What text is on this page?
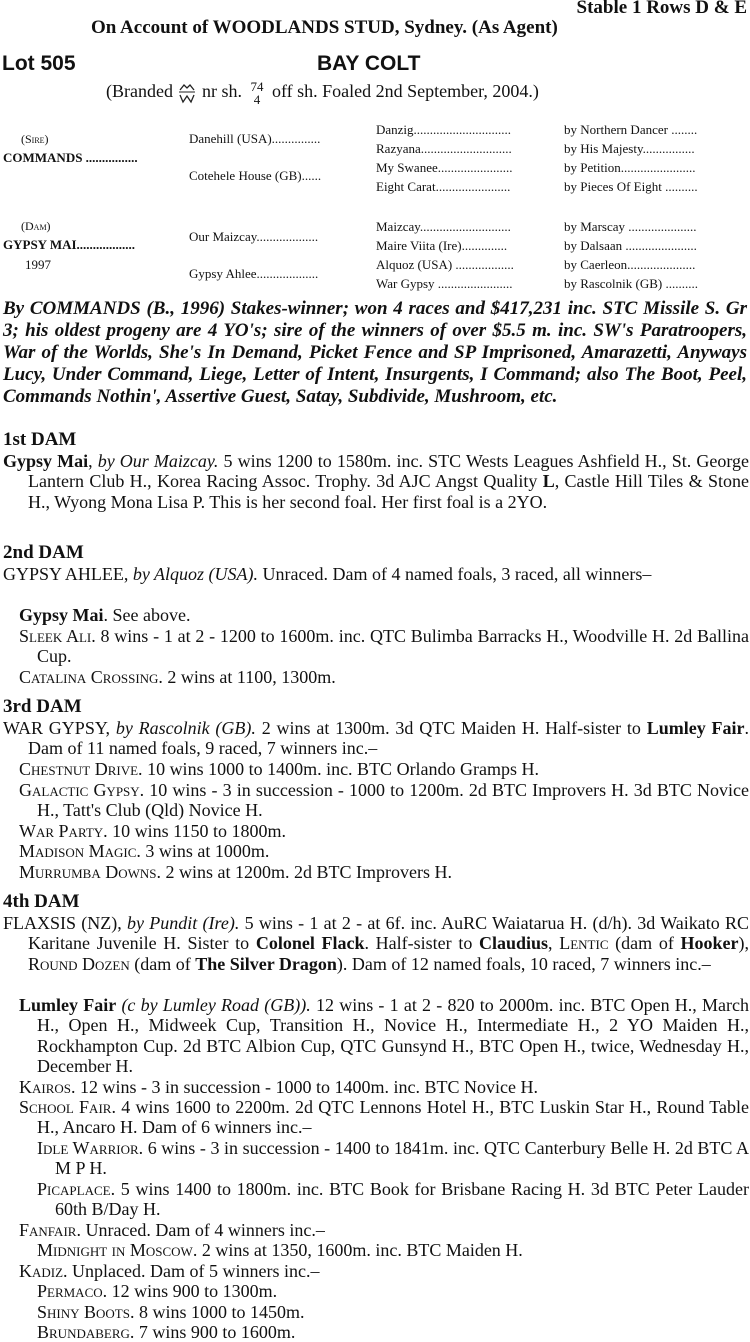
Stable 1 Rows D & E
On Account of WOODLANDS STUD, Sydney. (As Agent)
Lot 505	BAY COLT
(Branded nr sh. 74
4 off sh. Foaled 2nd September, 2004.)
(Sire)
COMMANDS ................
(Dam)
GYPSY MAI..................
1997
Danehill (USA)...............
Cotehele House (GB)......
Our Maizcay...................
Gypsy Ahlee...................
Danzig..............................
Razyana............................
My Swanee.......................
Eight Carat.......................
Maizcay............................
Maire Viita (Ire)..............
Alquoz (USA) ..................
War Gypsy .......................
by Northern Dancer ........
by His Majesty................
by Petition.......................
by Pieces Of Eight ..........
by Marscay .....................
by Dalsaan ......................
by Caerleon.....................
by Rascolnik (GB) ..........
By COMMANDS (B., 1996) Stakes-winner; won 4 races and $417,231 inc. STC Missile S. Gr 3; his oldest progeny are 4 YO's; sire of the winners of over $5.5 m. inc. SW's Paratroopers, War of the Worlds, She's In Demand, Picket Fence and SP Imprisoned, Amarazetti, Anyways Lucy, Under Command, Liege, Letter of Intent, Insurgents, I Command; also The Boot, Peel, Commands Nothin', Assertive Guest, Satay, Subdivide, Mushroom, etc.
1st DAM
Gypsy Mai, by Our Maizcay. 5 wins 1200 to 1580m. inc. STC Wests Leagues Ashfield H., St. George Lantern Club H., Korea Racing Assoc. Trophy. 3d AJC Angst Quality L, Castle Hill Tiles & Stone H., Wyong Mona Lisa P. This is her second foal. Her first foal is a 2YO.
2nd DAM
GYPSY AHLEE, by Alquoz (USA). Unraced. Dam of 4 named foals, 3 raced, all winners–
Gypsy Mai. See above.
Sleek Ali. 8 wins - 1 at 2 - 1200 to 1600m. inc. QTC Bulimba Barracks H., Woodville H. 2d Ballina Cup.
Catalina Crossing. 2 wins at 1100, 1300m.
3rd DAM
WAR GYPSY, by Rascolnik (GB). 2 wins at 1300m. 3d QTC Maiden H. Half-sister to Lumley Fair. Dam of 11 named foals, 9 raced, 7 winners inc.–
Chestnut Drive. 10 wins 1000 to 1400m. inc. BTC Orlando Gramps H.
Galactic Gypsy. 10 wins - 3 in succession - 1000 to 1200m. 2d BTC Improvers H. 3d BTC Novice H., Tatt's Club (Qld) Novice H.
War Party. 10 wins 1150 to 1800m.
Madison Magic. 3 wins at 1000m.
Murrumba Downs. 2 wins at 1200m. 2d BTC Improvers H.
4th DAM
FLAXSIS (NZ), by Pundit (Ire). 5 wins - 1 at 2 - at 6f. inc. AuRC Waiatarua H. (d/h). 3d Waikato RC Karitane Juvenile H. Sister to Colonel Flack. Half-sister to Claudius, Lentic (dam of Hooker), Round Dozen (dam of The Silver Dragon). Dam of 12 named foals, 10 raced, 7 winners inc.–
Lumley Fair (c by Lumley Road (GB)). 12 wins - 1 at 2 - 820 to 2000m. inc. BTC Open H., March H., Open H., Midweek Cup, Transition H., Novice H., Intermediate H., 2 YO Maiden H., Rockhampton Cup. 2d BTC Albion Cup, QTC Gunsynd H., BTC Open H., twice, Wednesday H., December H.
Kairos. 12 wins - 3 in succession - 1000 to 1400m. inc. BTC Novice H.
School Fair. 4 wins 1600 to 2200m. 2d QTC Lennons Hotel H., BTC Luskin Star H., Round Table H., Ancaro H. Dam of 6 winners inc.–
Idle Warrior. 6 wins - 3 in succession - 1400 to 1841m. inc. QTC Canterbury Belle H. 2d BTC A M P H.
Picaplace. 5 wins 1400 to 1800m. inc. BTC Book for Brisbane Racing H. 3d BTC Peter Lauder 60th B/Day H.
Fanfair. Unraced. Dam of 4 winners inc.–
Midnight in Moscow. 2 wins at 1350, 1600m. inc. BTC Maiden H.
Kadiz. Unplaced. Dam of 5 winners inc.–
Permaco. 12 wins 900 to 1300m.
Shiny Boots. 8 wins 1000 to 1450m.
Brundaberg. 7 wins 900 to 1600m.
